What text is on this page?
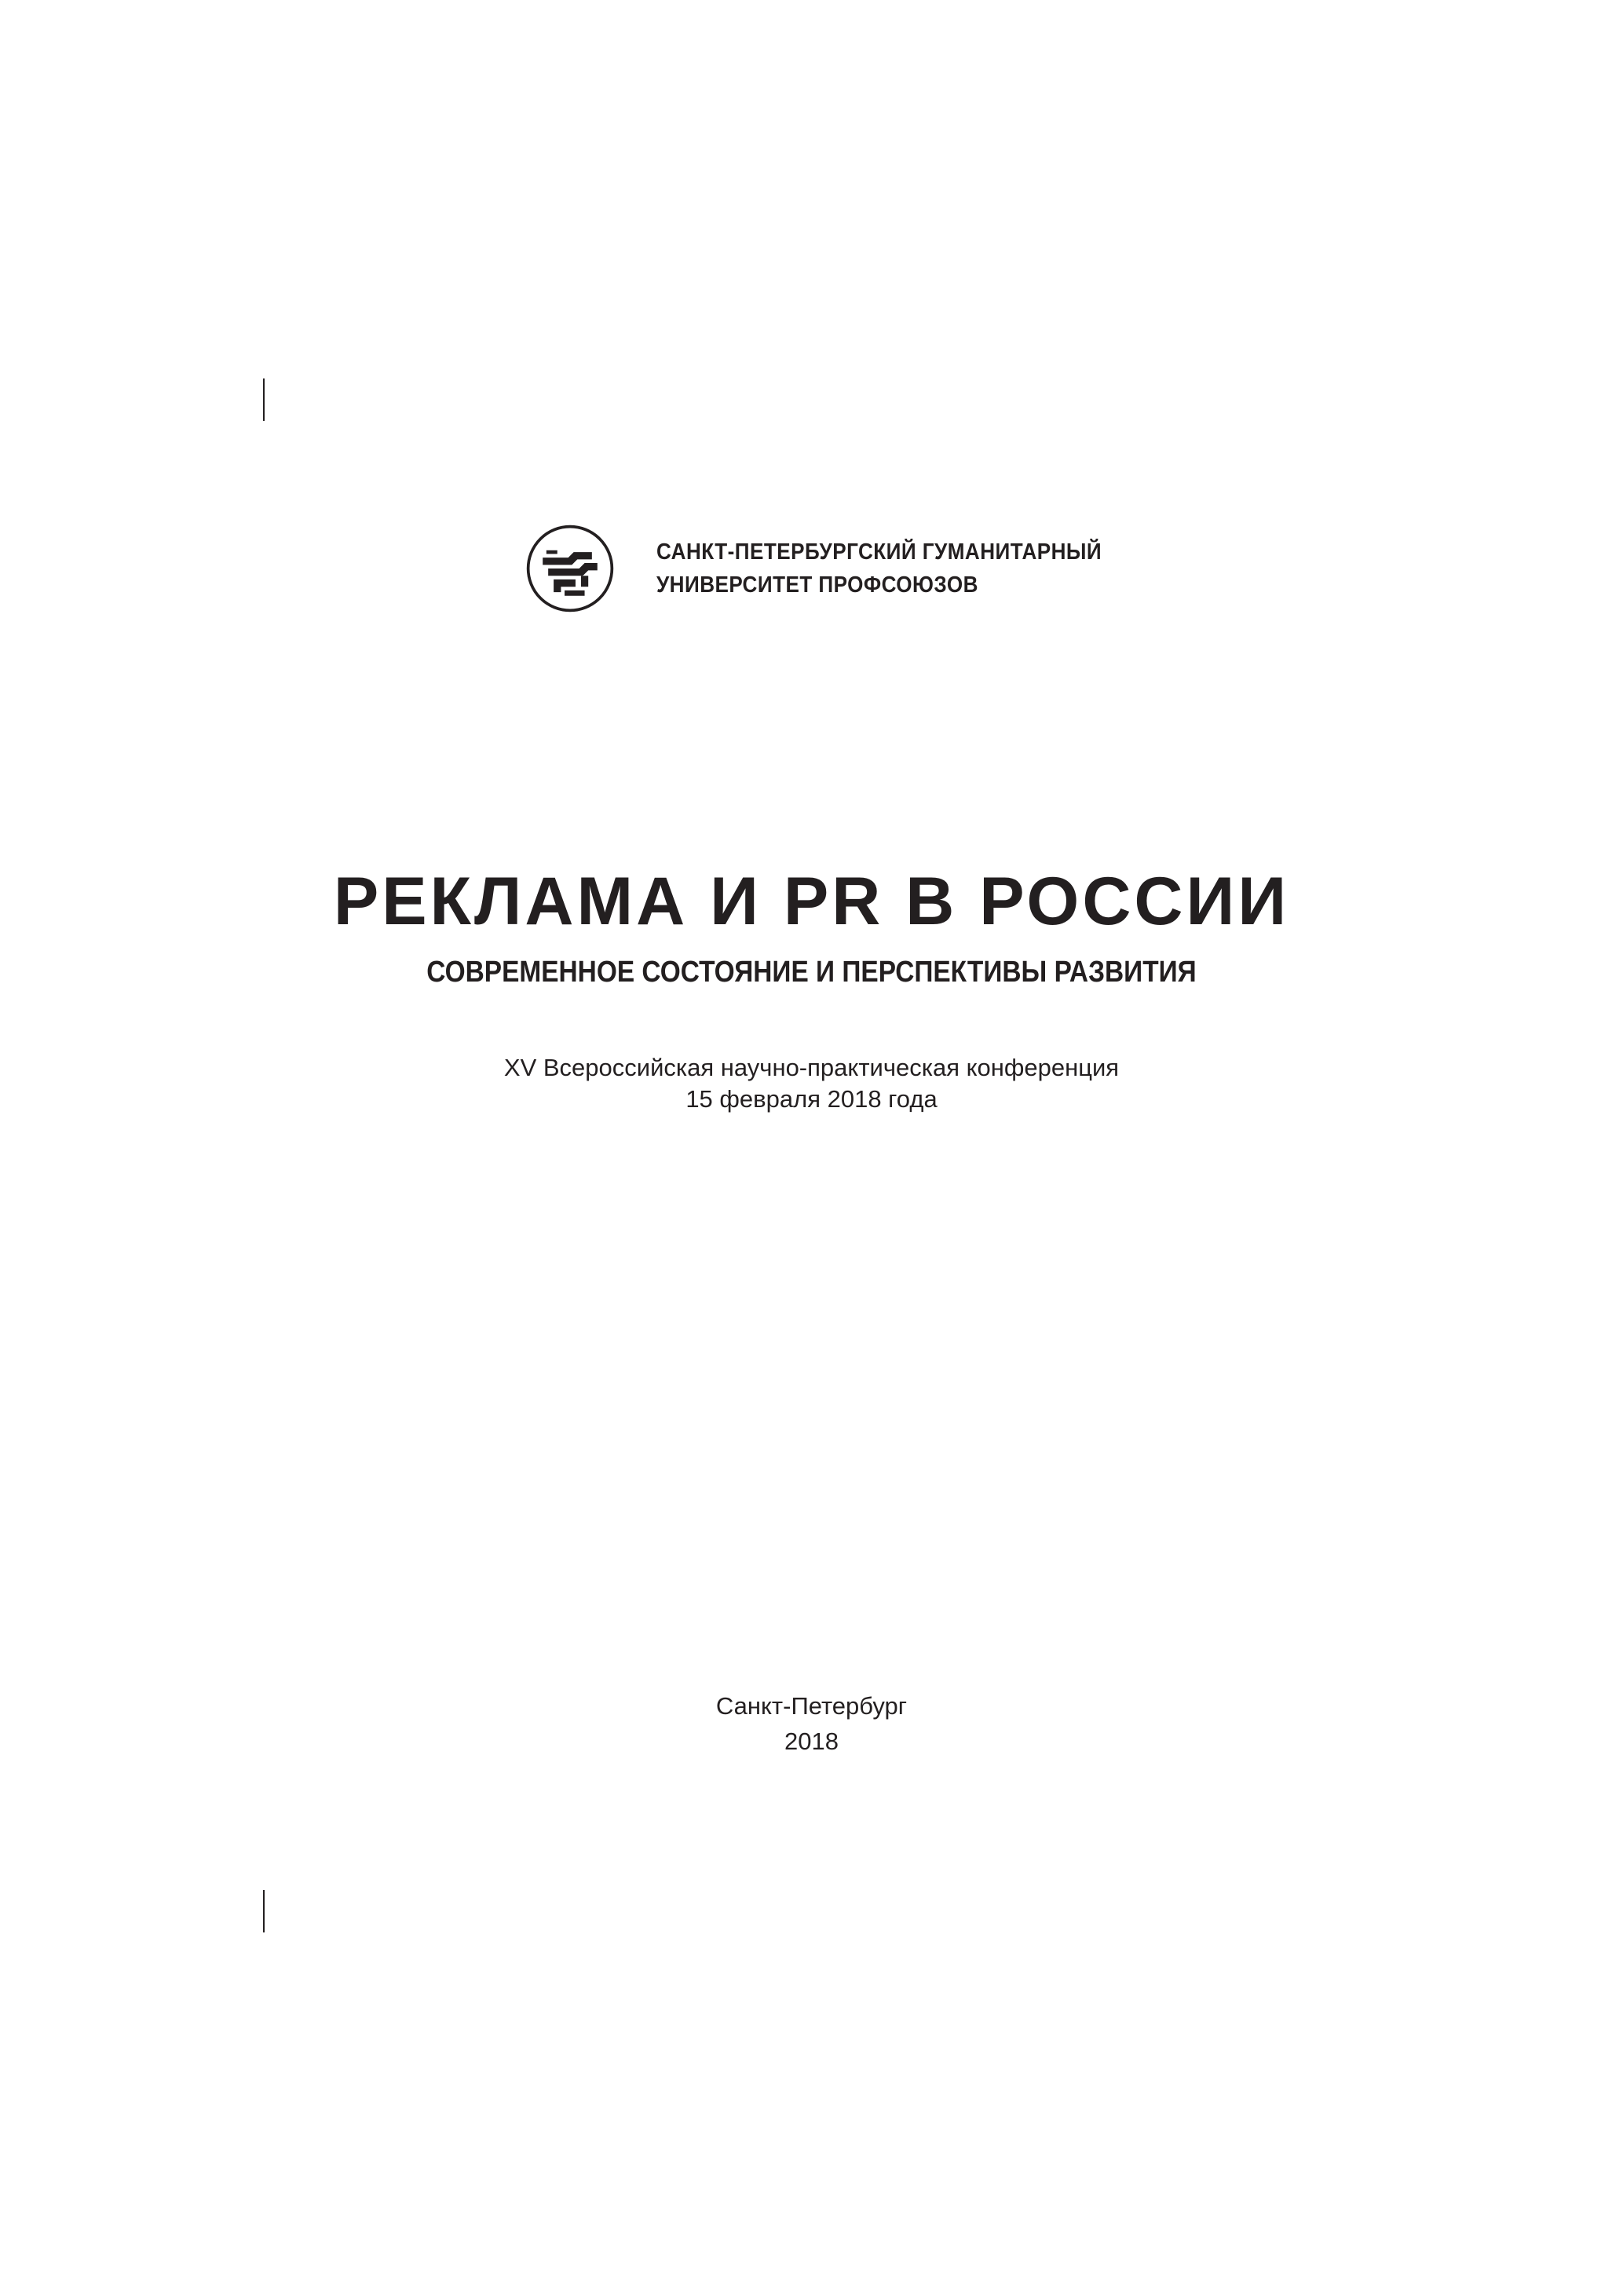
САНКТ-ПЕТЕРБУРГСКИЙ ГУМАНИТАРНЫЙ
УНИВЕРСИТЕТ ПРОФСОЮЗОВ
РЕКЛАМА И PR В РОССИИ
СОВРЕМЕННОЕ СОСТОЯНИЕ И ПЕРСПЕКТИВЫ РАЗВИТИЯ
XV Всероссийская научно-практическая конференция
15 февраля 2018 года
Санкт-Петербург
2018
